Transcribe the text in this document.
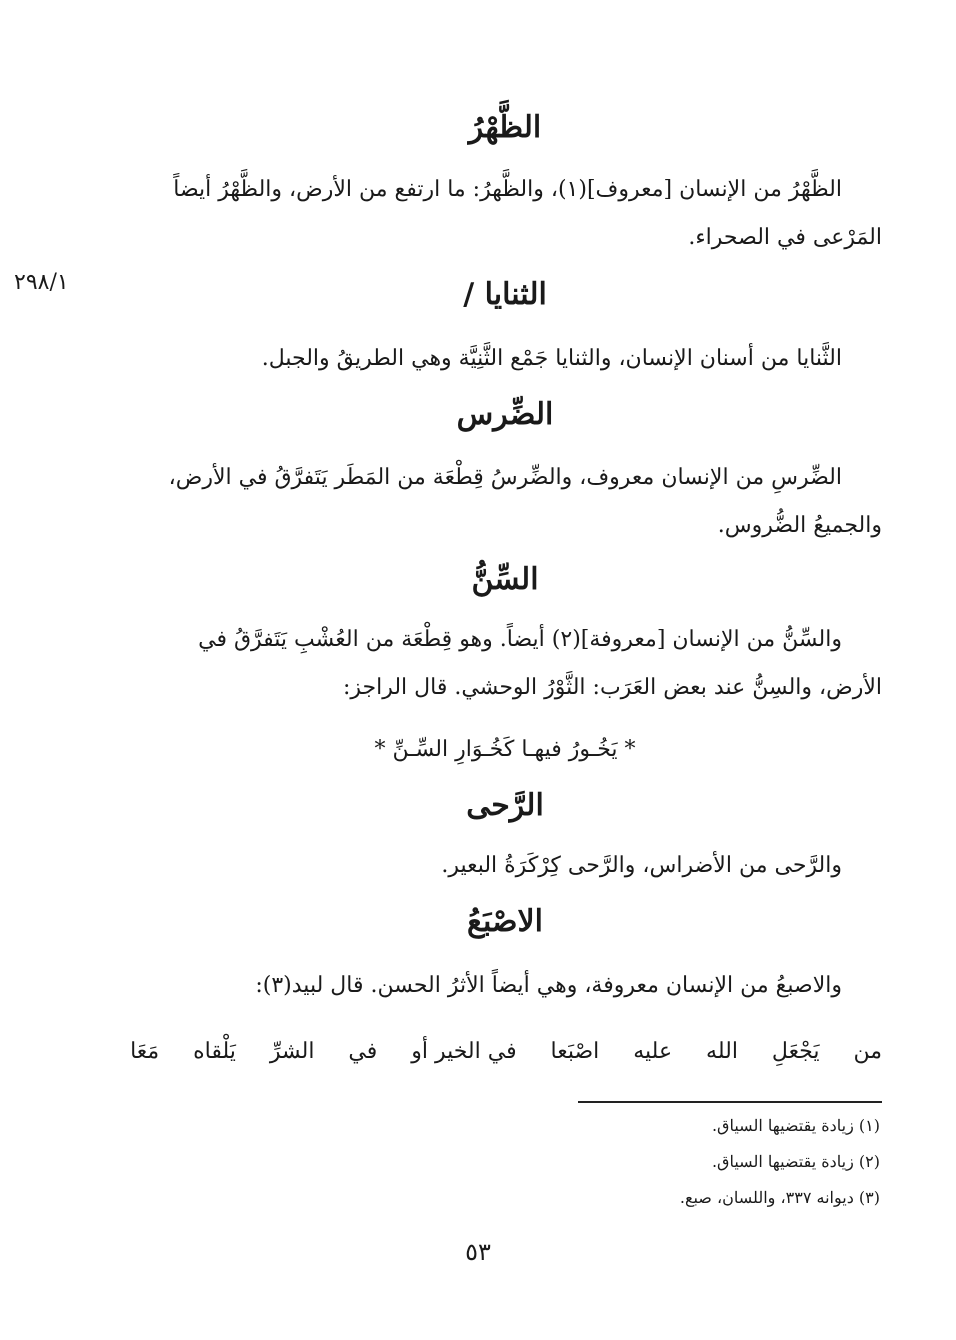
٢٩٨/١
الظَّهْرُ
الظَّهْرُ من الإنسان [معروف](١)، والظَّهرُ: ما ارتفع من الأرض، والظَّهْرُ أيضاً المَرْعى في الصحراء.
الثنايا /
الثَّنايا من أسنان الإنسان، والثنايا جَمْع الثَّنِيَّة وهي الطريقُ والجبل.
الضِّرس
الضِّرسِ من الإنسان معروف، والضِّرسُ قِطْعَة من المَطَر يَتَفرَّقُ في الأرض، والجميعُ الضُّروس.
السِّنُّ
والسِّنُّ من الإنسان [معروفة](٢) أيضاً. وهو قِطْعَة من العُشْبِ يَتَفرَّقُ في الأرض، والسِنُّ عند بعض العَرَب: الثَّوْرُ الوحشي. قال الراجز:
* يَخُـورُ فيهـا كَخُـوَارِ السِّـنِّ *
الرَّحى
والرَّحى من الأضراس، والرَّحى كِرْكَرَةُ البعير.
الاصْبَعُ
والاصبعُ من الإنسان معروفة، وهي أيضاً الأثرُ الحسن. قال لبيد(٣):
من
يَجْعَلِ
الله
عليه
اصْبَعا
في الخير أو
في
الشرِّ
يَلْقاه
مَعَا
(١) زيادة يقتضيها السياق.
(٢) زيادة يقتضيها السياق.
(٣) ديوانه ٣٣٧، واللسان، صبع.
٥٣
